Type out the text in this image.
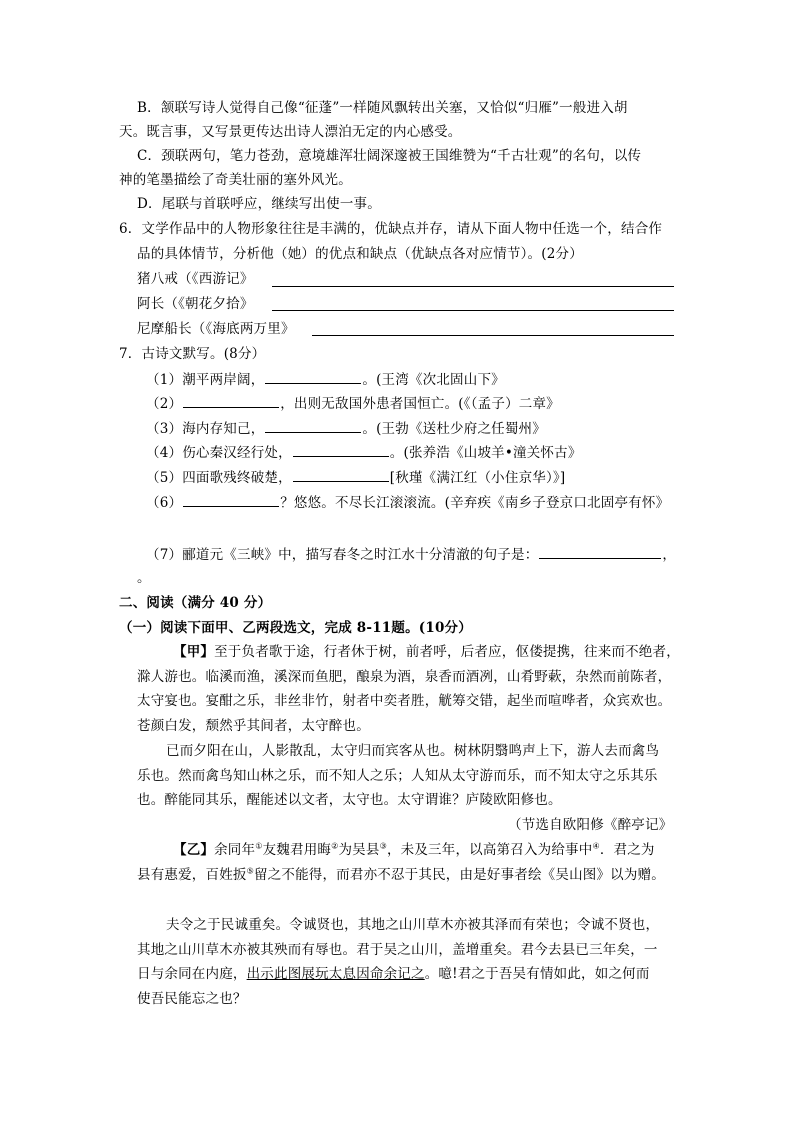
B．颔联写诗人觉得自己像“征蓬”一样随风飘转出关塞，又恰似“归雁”一般进入胡
天。既言事，又写景更传达出诗人漂泊无定的内心感受。
C．颈联两句，笔力苍劲，意境雄浑壮阔深邃被王国维赞为“千古壮观”的名句，以传
神的笔墨描绘了奇美壮丽的塞外风光。
D．尾联与首联呼应，继续写出使一事。
6．文学作品中的人物形象往往是丰满的，优缺点并存，请从下面人物中任选一个，结合作
品的具体情节，分析他（她）的优点和缺点（优缺点各对应情节）。(2分）
猪八戒（《西游记》
阿长（《朝花夕拾》
尼摩船长（《海底两万里》
7．古诗文默写。(8分）
（1）潮平两岸阔，	。(王湾《次北固山下》
（2）	，出则无敌国外患者国恒亡。(《（孟子）二章》
（3）海内存知己，	。(王勃《送杜少府之任蜀州》
（4）伤心秦汉经行处，	。(张养浩《山坡羊•潼关怀古》
（5）四面歌残终破楚，	[秋瑾《满江红（小住京华）》]
（6）	？悠悠。不尽长江滚滚流。(辛弃疾《南乡子登京口北固亭有怀》
（7）郦道元《三峡》中，描写春冬之时江水十分清澈的句子是：	，
。
二、阅读（满分 40 分）
（一）阅读下面甲、乙两段选文，完成 8-11题。(10分）
【甲】至于负者歌于途，行者休于树，前者呼，后者应，伛偻提携，往来而不绝者，
滁人游也。临溪而渔，溪深而鱼肥，酿泉为酒，泉香而酒冽，山肴野蔌，杂然而前陈者，
太守宴也。宴酣之乐，非丝非竹，射者中奕者胜，觥筹交错，起坐而喧哗者，众宾欢也。
苍颜白发，颓然乎其间者，太守醉也。
已而夕阳在山，人影散乱，太守归而宾客从也。树林阴翳鸣声上下，游人去而禽鸟
乐也。然而禽鸟知山林之乐，而不知人之乐；人知从太守游而乐，而不知太守之乐其乐
也。醉能同其乐，醒能述以文者，太守也。太守谓谁？庐陵欧阳修也。
（节选自欧阳修《醉亭记》
【乙】余同年①友魏君用晦②为吴县③，未及三年，以高第召入为给事中④．君之为
县有惠爱，百姓扳⑤留之不能得，而君亦不忍于其民，由是好事者绘《吴山图》以为赠。
夫令之于民诚重矣。令诚贤也，其地之山川草木亦被其泽而有荣也；令诚不贤也，
其地之山川草木亦被其殃而有辱也。君于吴之山川，盖增重矣。君今去县已三年矣，一
日与余同在内庭，出示此图展玩太息因命余记之。噫!君之于吾吴有情如此，如之何而
使吾民能忘之也？
